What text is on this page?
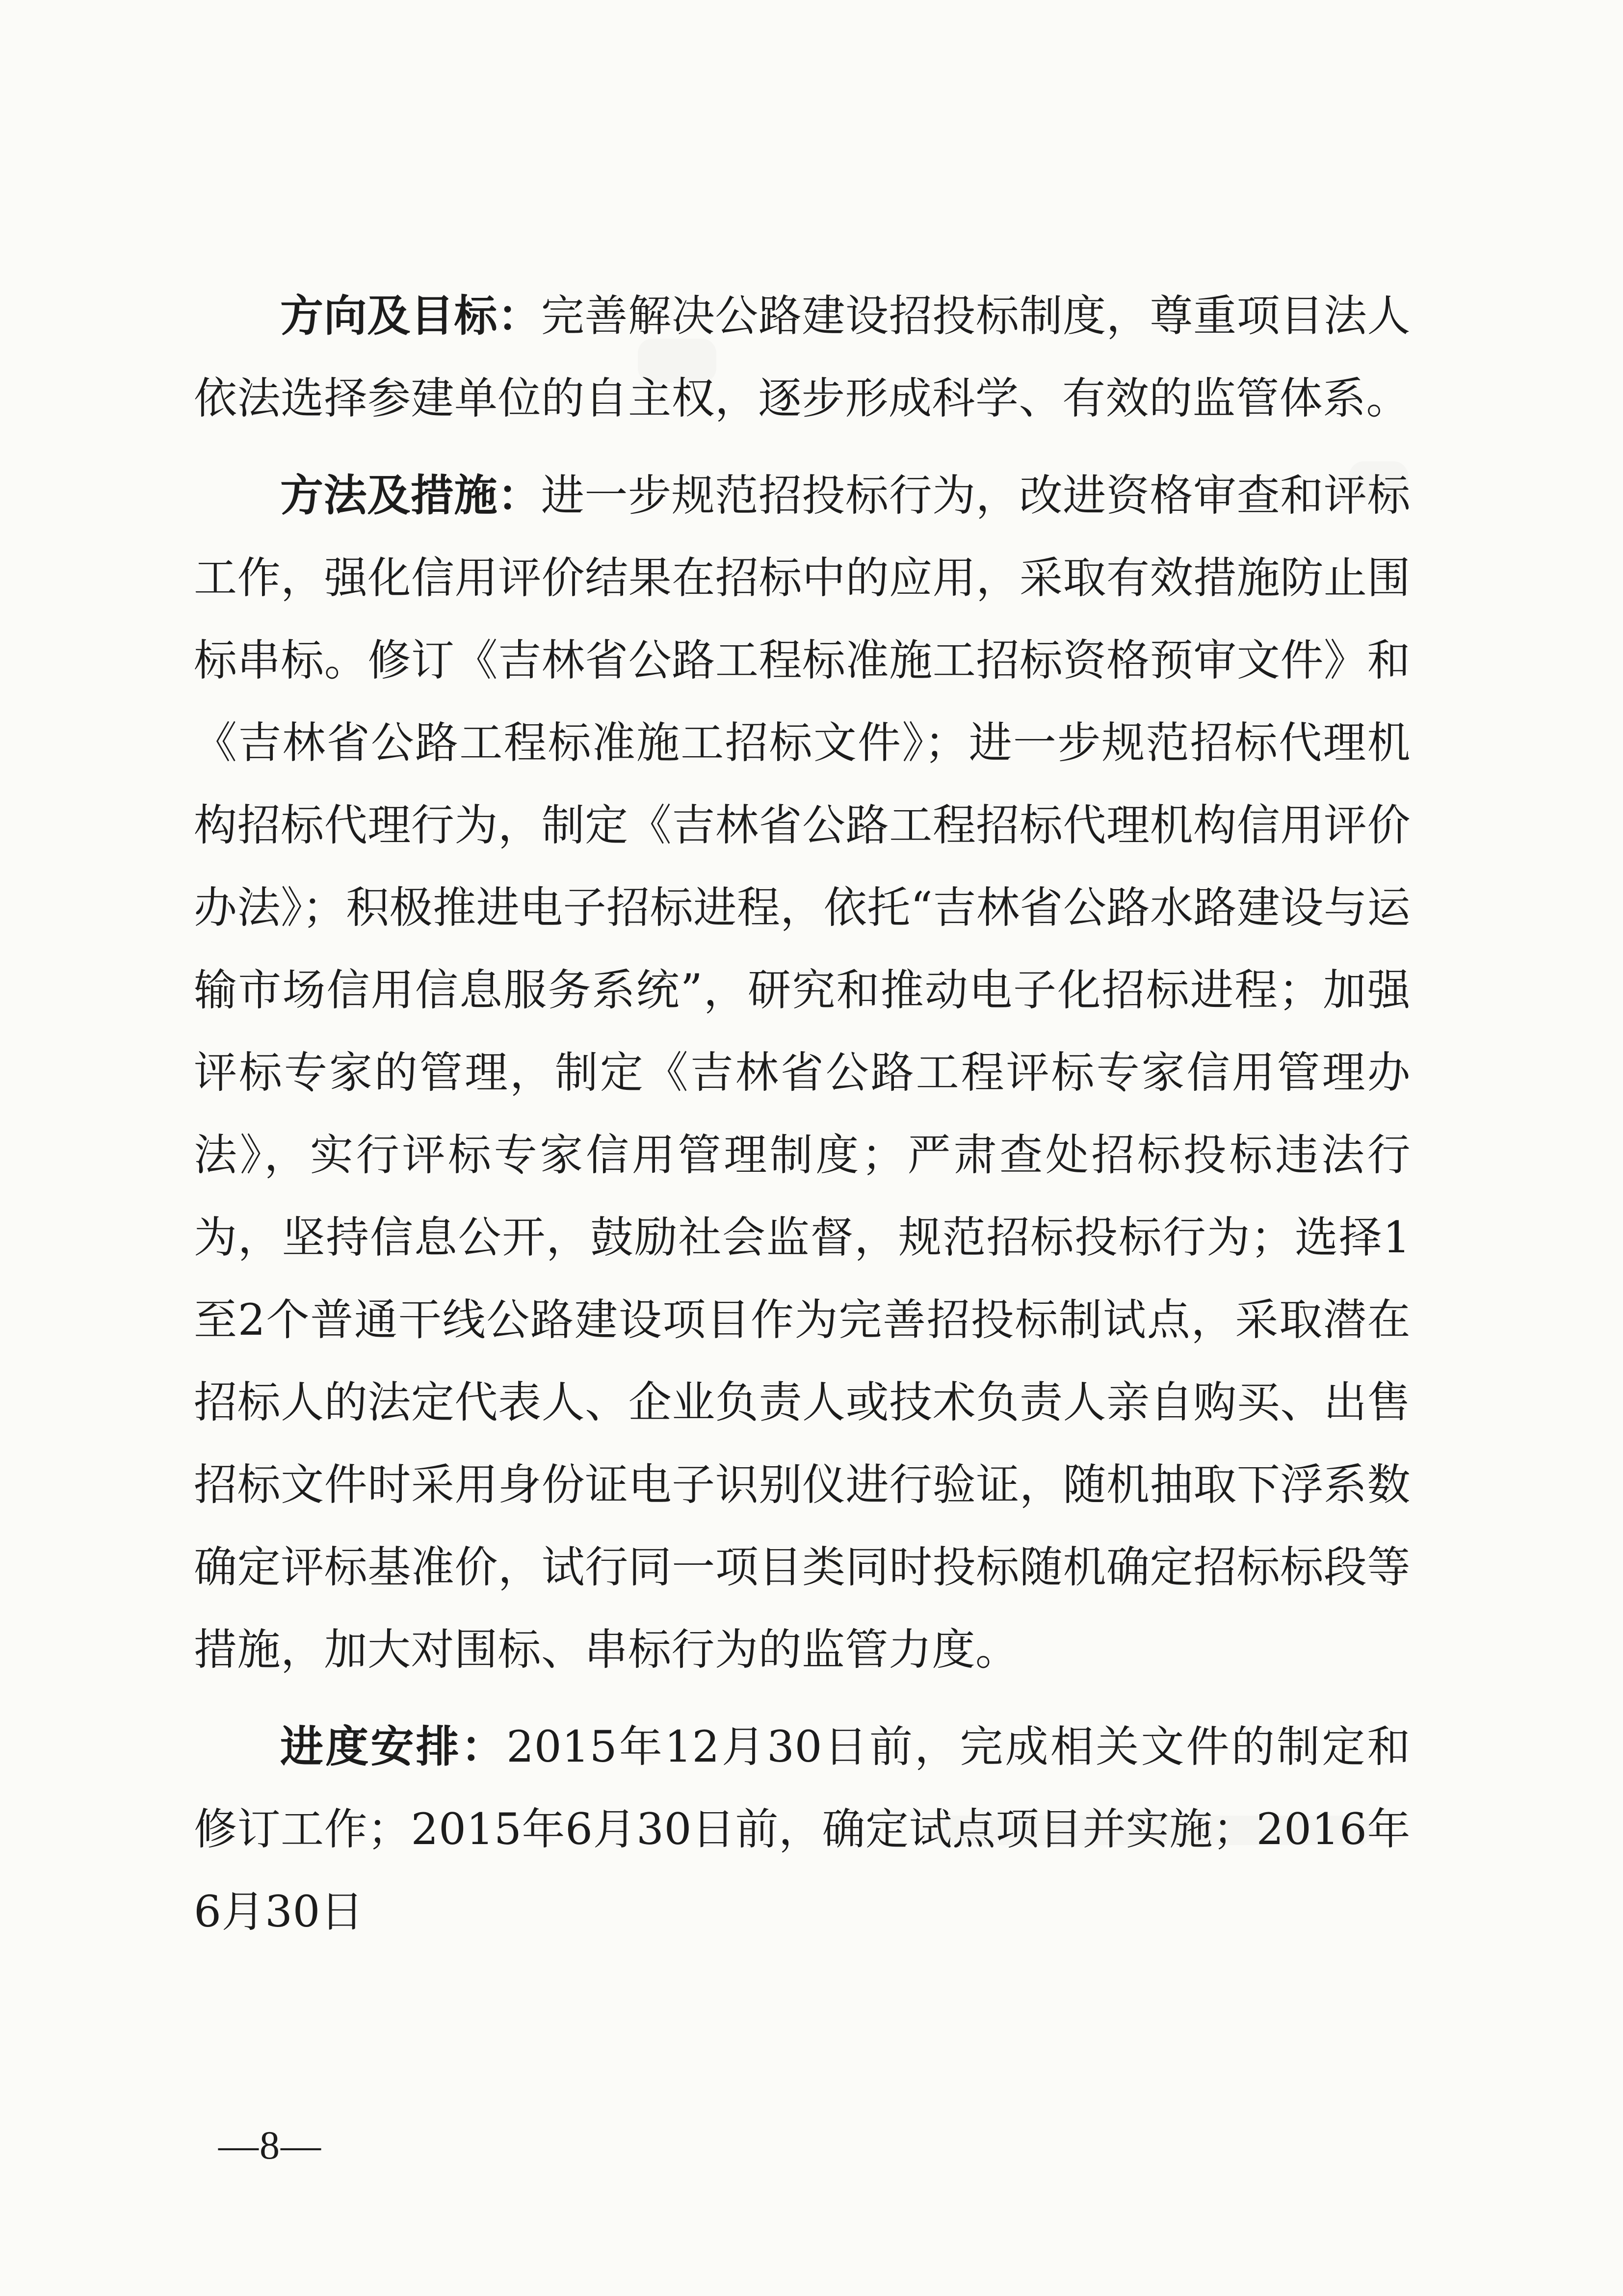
方向及目标：完善解决公路建设招投标制度，尊重项目法人依法选择参建单位的自主权，逐步形成科学、有效的监管体系。

方法及措施：进一步规范招投标行为，改进资格审查和评标工作，强化信用评价结果在招标中的应用，采取有效措施防止围标串标。修订《吉林省公路工程标准施工招标资格预审文件》和《吉林省公路工程标准施工招标文件》；进一步规范招标代理机构招标代理行为，制定《吉林省公路工程招标代理机构信用评价办法》；积极推进电子招标进程，依托“吉林省公路水路建设与运输市场信用信息服务系统”，研究和推动电子化招标进程；加强评标专家的管理，制定《吉林省公路工程评标专家信用管理办法》，实行评标专家信用管理制度；严肃查处招标投标违法行为，坚持信息公开，鼓励社会监督，规范招标投标行为；选择1至2个普通干线公路建设项目作为完善招投标制试点，采取潜在招标人的法定代表人、企业负责人或技术负责人亲自购买、出售招标文件时采用身份证电子识别仪进行验证，随机抽取下浮系数确定评标基准价，试行同一项目类同时投标随机确定招标标段等措施，加大对围标、串标行为的监管力度。

进度安排：2015年12月30日前，完成相关文件的制定和修订工作；2015年6月30日前，确定试点项目并实施；2016年6月30日

—8—
